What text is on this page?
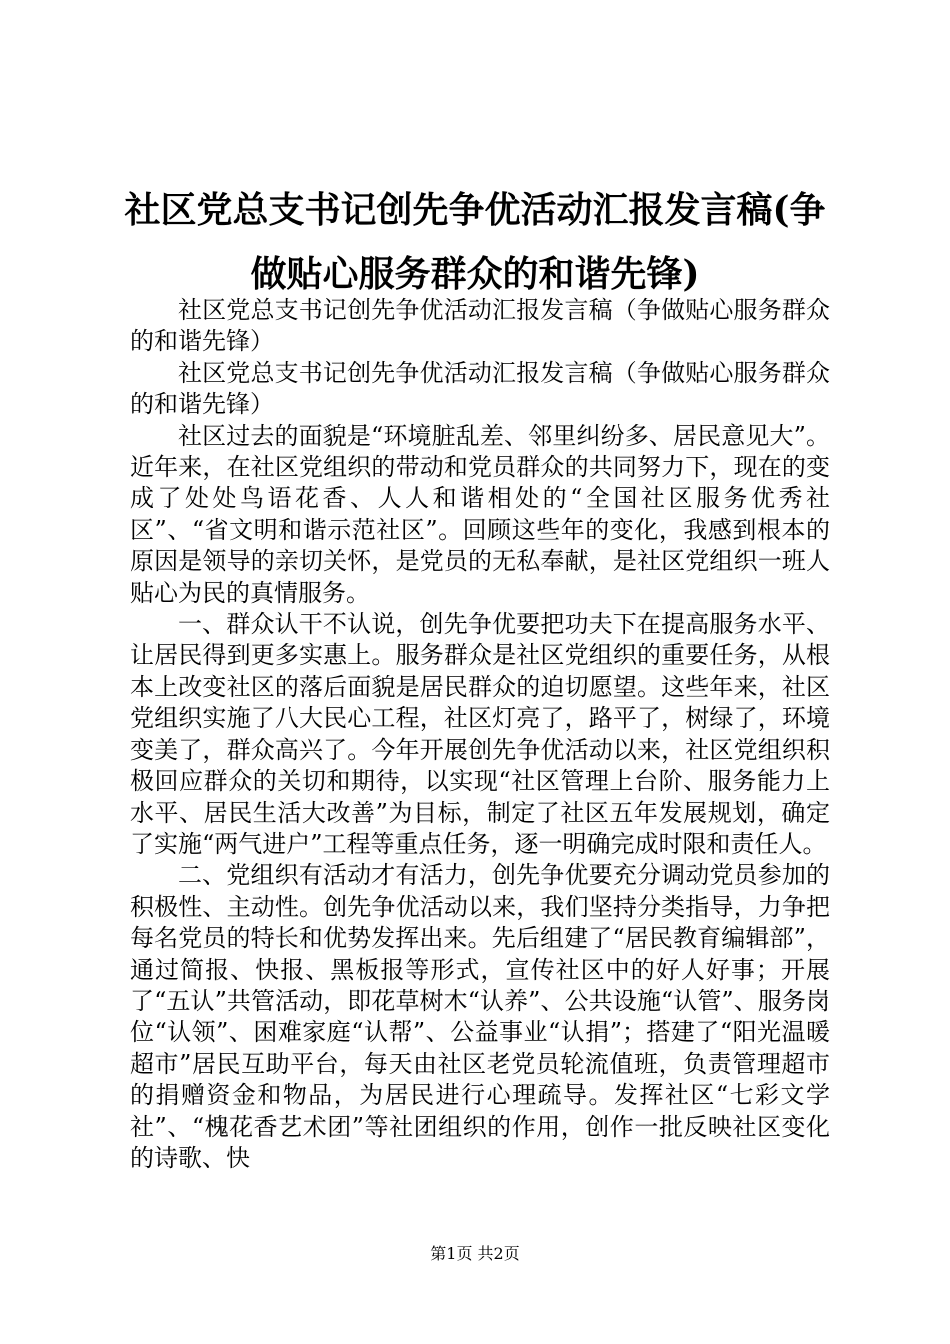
社区党总支书记创先争优活动汇报发言稿(争做贴心服务群众的和谐先锋)

社区党总支书记创先争优活动汇报发言稿（争做贴心服务群众的和谐先锋）

社区党总支书记创先争优活动汇报发言稿（争做贴心服务群众的和谐先锋）

社区过去的面貌是“环境脏乱差、邻里纠纷多、居民意见大”。近年来，在社区党组织的带动和党员群众的共同努力下，现在的变成了处处鸟语花香、人人和谐相处的“全国社区服务优秀社区”、“省文明和谐示范社区”。回顾这些年的变化，我感到根本的原因是领导的亲切关怀，是党员的无私奉献，是社区党组织一班人贴心为民的真情服务。

一、群众认干不认说，创先争优要把功夫下在提高服务水平、让居民得到更多实惠上。服务群众是社区党组织的重要任务，从根本上改变社区的落后面貌是居民群众的迫切愿望。这些年来，社区党组织实施了八大民心工程，社区灯亮了，路平了，树绿了，环境变美了，群众高兴了。今年开展创先争优活动以来，社区党组织积极回应群众的关切和期待，以实现“社区管理上台阶、服务能力上水平、居民生活大改善”为目标，制定了社区五年发展规划，确定了实施“两气进户”工程等重点任务，逐一明确完成时限和责任人。

二、党组织有活动才有活力，创先争优要充分调动党员参加的积极性、主动性。创先争优活动以来，我们坚持分类指导，力争把每名党员的特长和优势发挥出来。先后组建了“居民教育编辑部”，通过简报、快报、黑板报等形式，宣传社区中的好人好事；开展了“五认”共管活动，即花草树木“认养”、公共设施“认管”、服务岗位“认领”、困难家庭“认帮”、公益事业“认捐”；搭建了“阳光温暖超市”居民互助平台，每天由社区老党员轮流值班，负责管理超市的捐赠资金和物品，为居民进行心理疏导。发挥社区“七彩文学社”、“槐花香艺术团”等社团组织的作用，创作一批反映社区变化的诗歌、快

第1页 共2页
